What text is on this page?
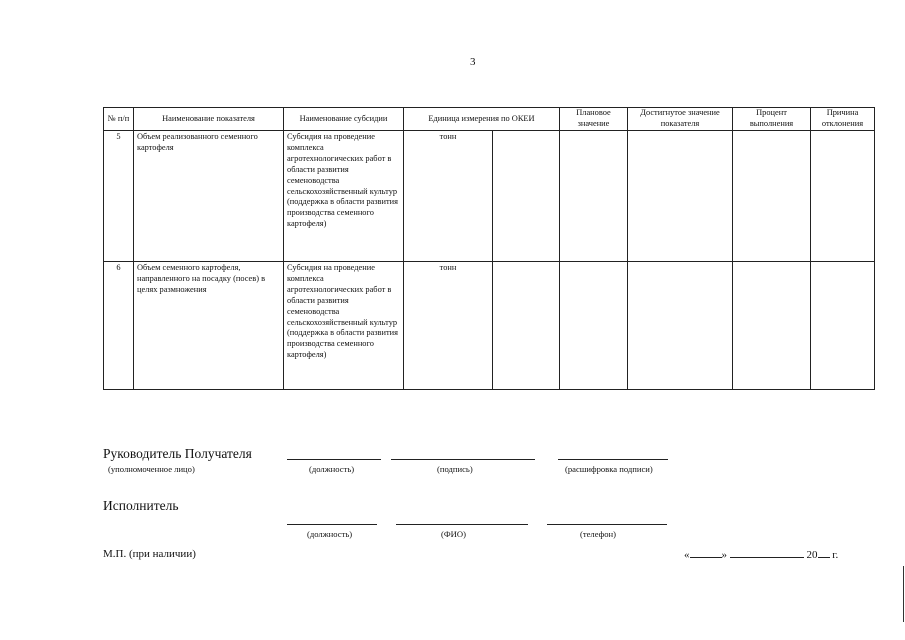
3
№ п/п	Наименование показателя	Наименование субсидии	Единица измерения по ОКЕИ		Плановое значение	Достигнутое значение показателя	Процент выполнения	Причина отклонения
5	Объем реализованного семенного картофеля	Субсидия на проведение комплекса агротехнологических работ в области развития семеноводства сельскохозяйственный культур (поддержка в области развития производства семенного картофеля)	тонн					
6	Объем семенного картофеля, направленного на посадку (посев) в целях размножения	Субсидия на проведение комплекса агротехнологических работ в области развития семеноводства сельскохозяйственный культур (поддержка в области развития производства семенного картофеля)	тонн					
Руководитель Получателя
(уполномоченное лицо)	(должность)	(подпись)	(расшифровка подписи)
Исполнитель
(должность)	(ФИО)	(телефон)
М.П. (при наличии)	«	»	20 г.
